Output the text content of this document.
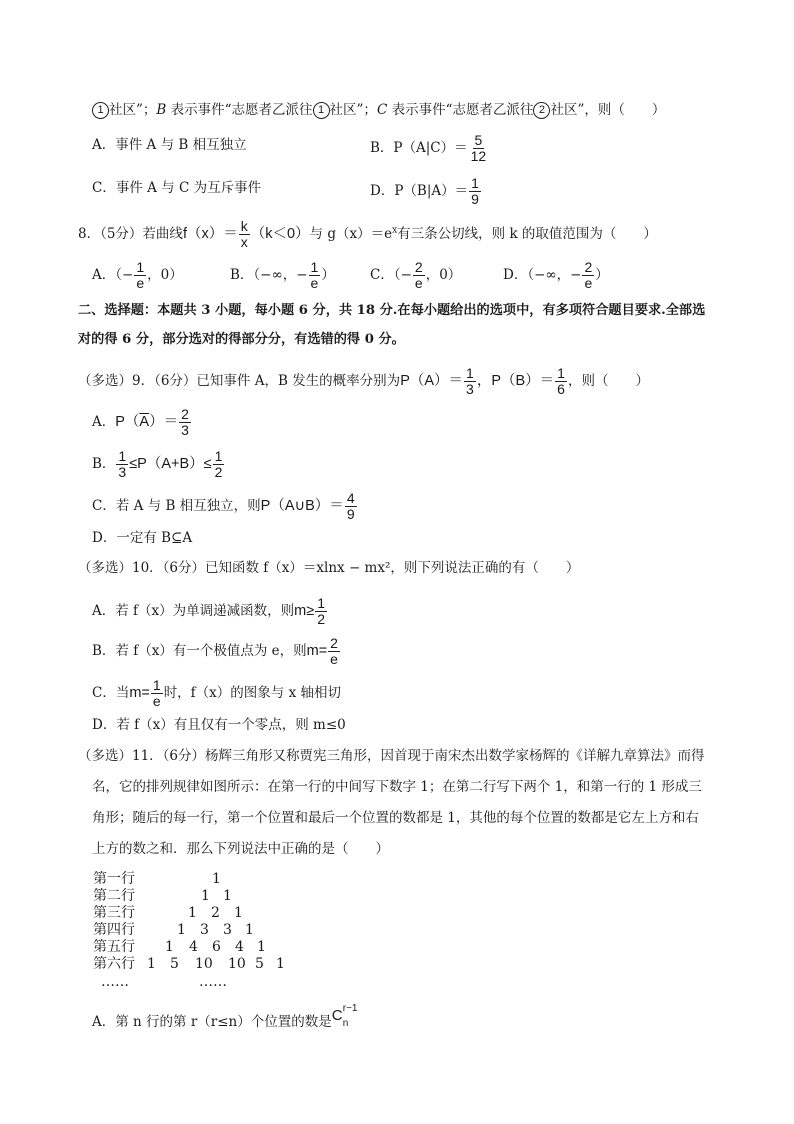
1 社区”；B 表示事件“志愿者乙派往 1 社区”；C 表示事件“志愿者乙派往 2 社区”，则（　　）
A．事件 A 与 B 相互独立	B．$P(A|C)= \frac{5}{12}$
C．事件 A 与 C 为互斥事件	D．$P(B|A)= \frac{1}{9}$
8．（5分）若曲线$f(x)= \frac{k}{x} (k<0)$与 $g(x)=e^x$有三条公切线，则 k 的取值范围为（　　）
A．（− $\frac{1}{e}$ ，0）	B．（−∞，− $\frac{1}{e}$ ）	C．（− $\frac{2}{e}$ ，0）	D．（−∞，− $\frac{2}{e}$ ）
二、选择题：本题共 3 小题，每小题 6 分，共 18 分.在每小题给出的选项中，有多项符合题目要求.全部选
对的得 6 分，部分选对的得部分分，有选错的得 0 分。
（多选）9．（6分）已知事件 A，B 发生的概率分别为$P(A)= \frac{1}{3}$ ，$P(B)= \frac{1}{6}$ ，则（　　）
A．$P(\overline{A})= \frac{2}{3}$
B． $\frac{1}{3} \le P(A+B)\le \frac{1}{2}$
C．若 A 与 B 相互独立，则P（A∪B）＝ $\frac{4}{9}$
D．一定有 B⊆A
（多选）10．（6分）已知函数 f（x）＝xlnx − mx²，则下列说法正确的有（　　）
A．若 f（x）为单调递减函数，则$m\ge \frac{1}{2}$
B．若 f（x）有一个极值点为 e，则$m= \frac{2}{e}$
C．当$m= \frac{1}{e}$ 时，f（x）的图象与 x 轴相切
D．若 f（x）有且仅有一个零点，则 m≤0
（多选）11．（6分）杨辉三角形又称贾宪三角形，因首现于南宋杰出数学家杨辉的《详解九章算法》而得
名，它的排列规律如图所示：在第一行的中间写下数字 1；在第二行写下两个 1，和第一行的 1 形成三
角形；随后的每一行，第一个位置和最后一个位置的数都是 1，其他的每个位置的数都是它左上方和右
上方的数之和．那么下列说法中正确的是（　　）
第一行	1
第二行	1 1
第三行	1 2 1
第四行	1 3 3 1
第五行 1 4 6 4 1
第六行 1 5 10 10 5 1
……	……
A．第 n 行的第 r（r≤n）个位置的数是 C r−1
n
